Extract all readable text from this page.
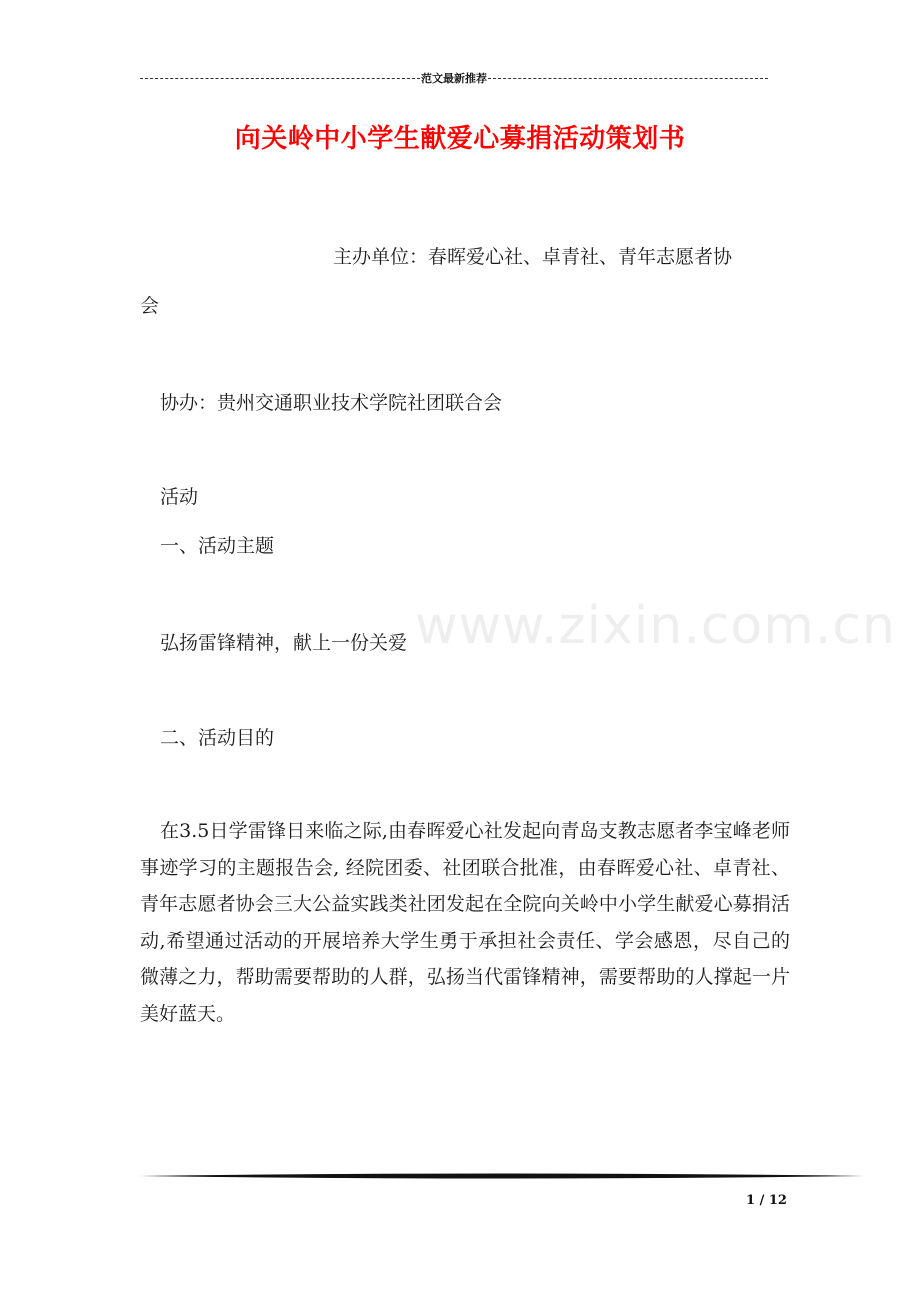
范文最新推荐
向关岭中小学生献爱心募捐活动策划书

主办单位：春晖爱心社、卓青社、青年志愿者协

会

协办：贵州交通职业技术学院社团联合会

活动

一、活动主题

弘扬雷锋精神，献上一份关爱

二、活动目的

在3.5日学雷锋日来临之际,由春晖爱心社发起向青岛支教志愿者李宝峰老师事迹学习的主题报告会, 经院团委、社团联合批准，由春晖爱心社、卓青社、青年志愿者协会三大公益实践类社团发起在全院向关岭中小学生献爱心募捐活动,希望通过活动的开展培养大学生勇于承担社会责任、学会感恩，尽自己的微薄之力，帮助需要帮助的人群，弘扬当代雷锋精神，需要帮助的人撑起一片美好蓝天。

www.zixin.com.cn
1 / 12
